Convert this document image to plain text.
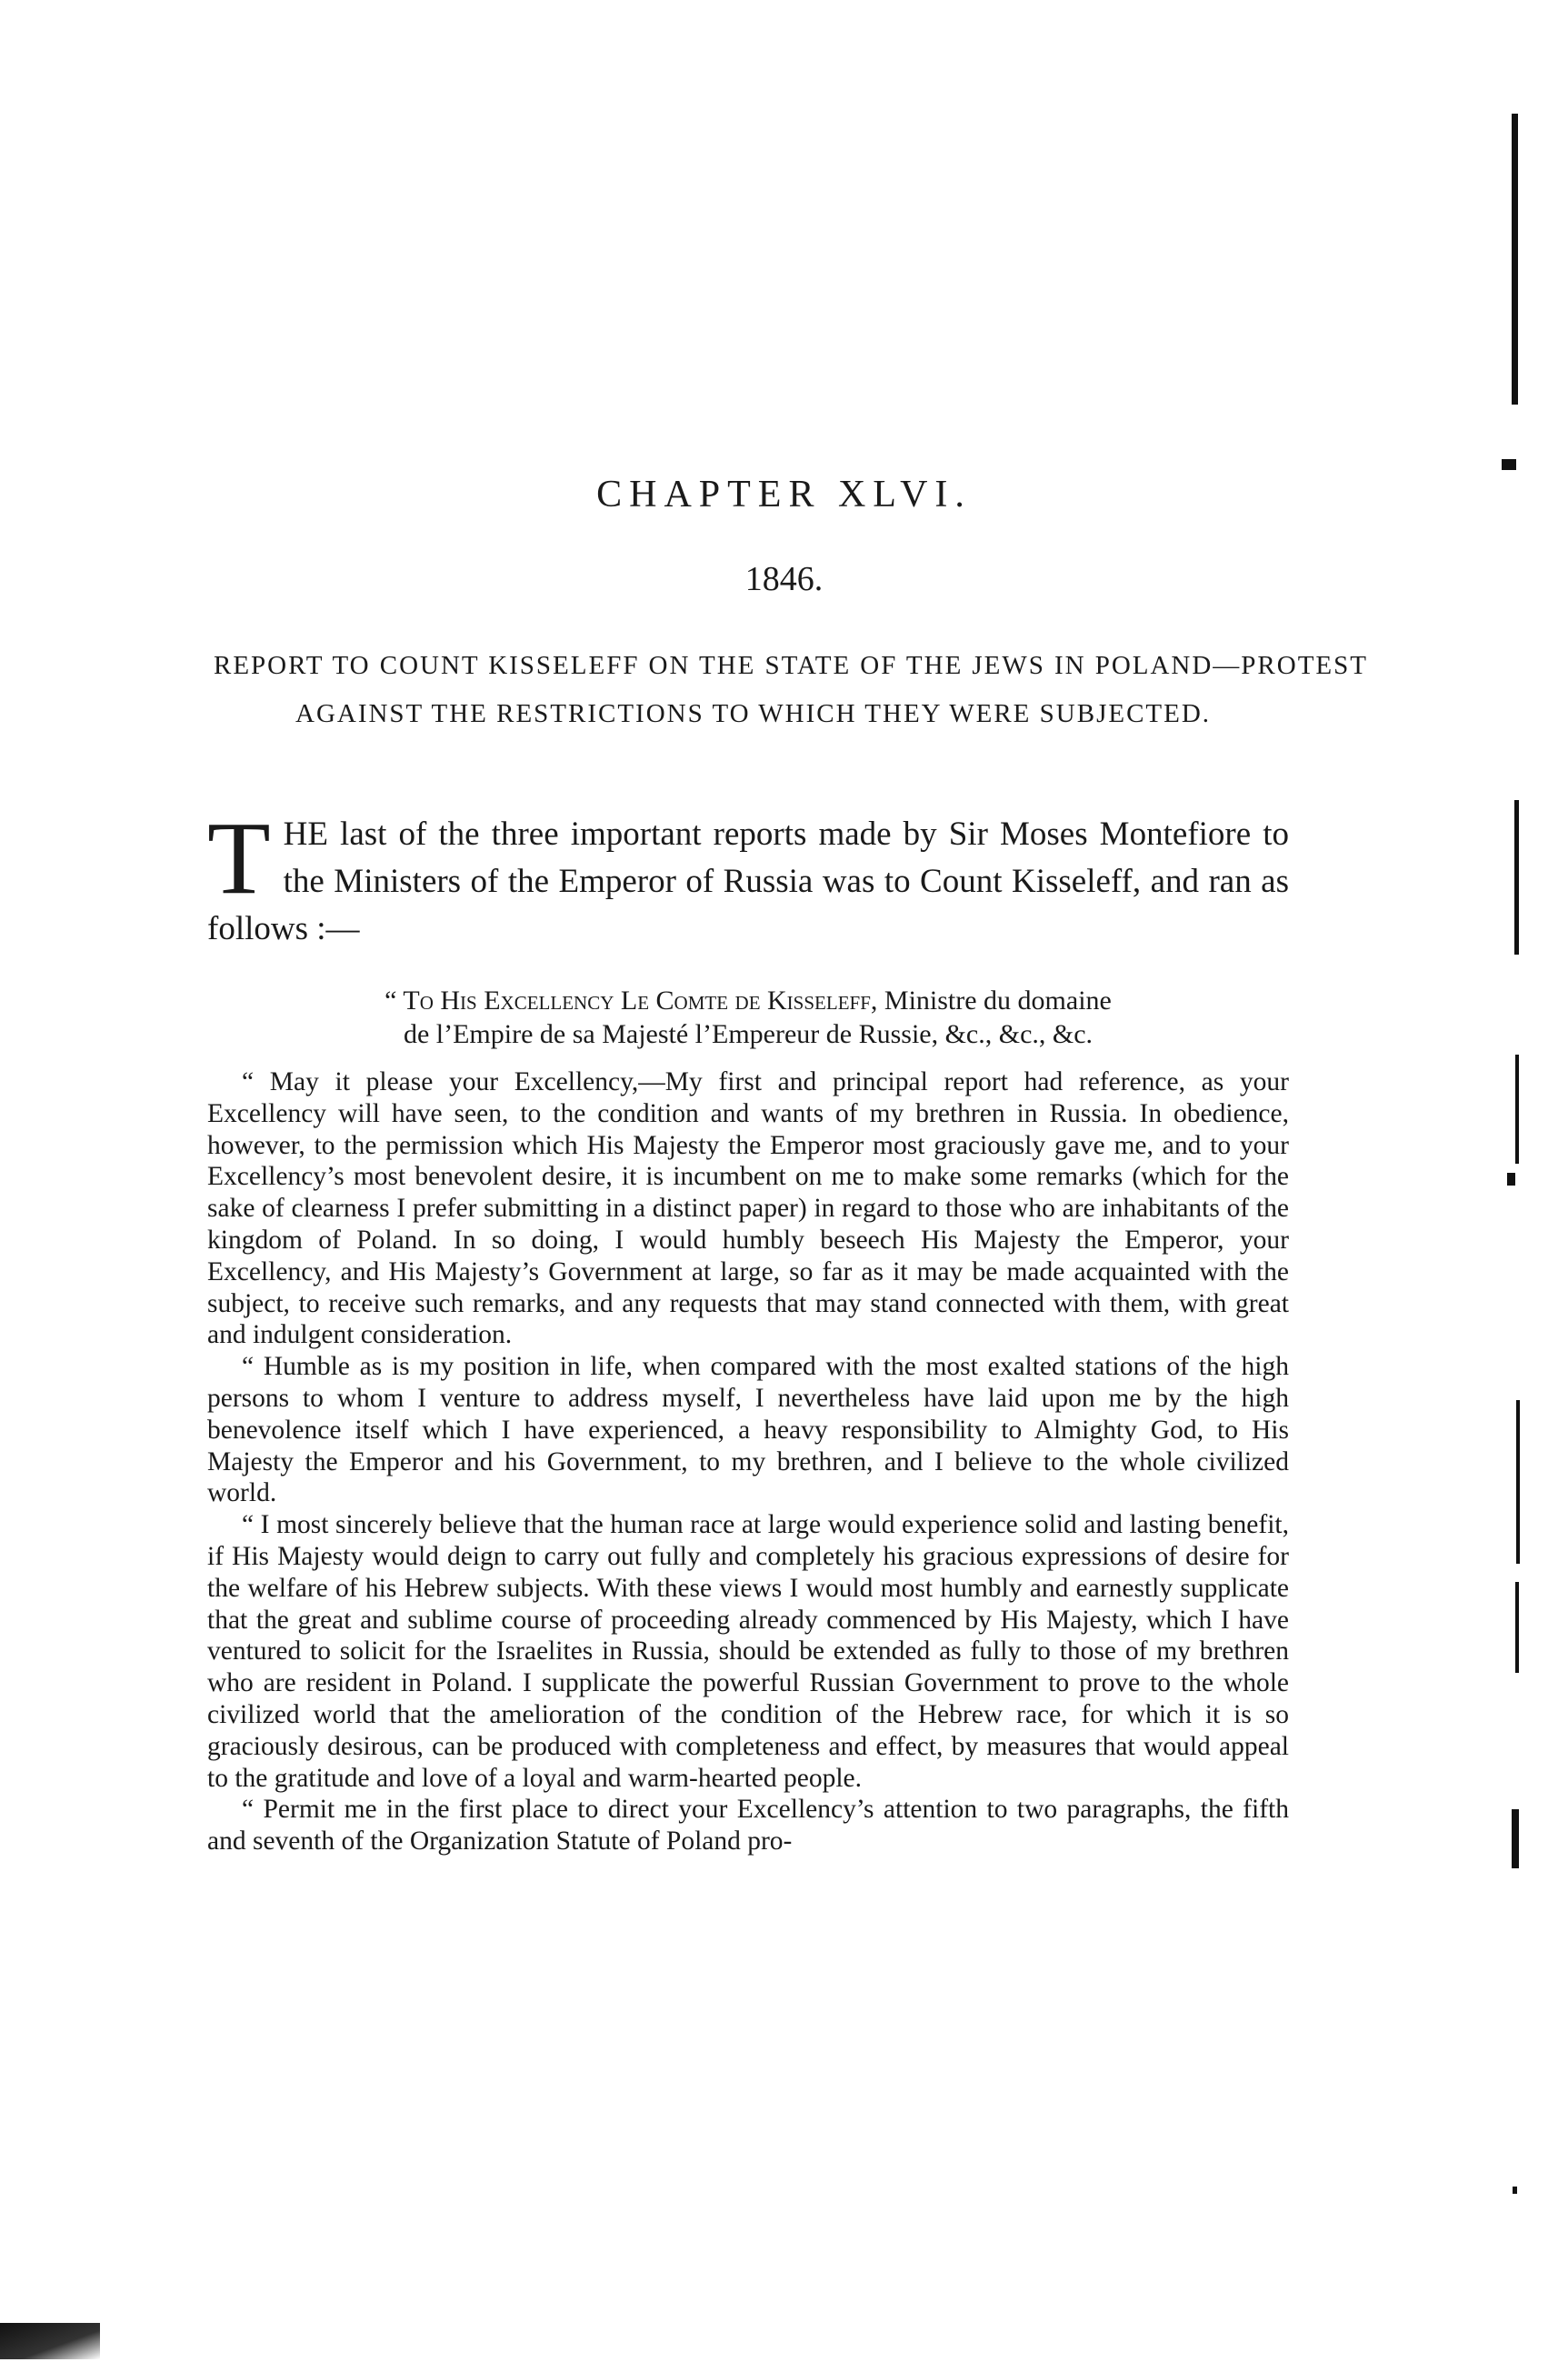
CHAPTER XLVI.
1846.

REPORT TO COUNT KISSELEFF ON THE STATE OF THE JEWS IN POLAND—PROTEST AGAINST THE RESTRICTIONS TO WHICH THEY WERE SUBJECTED.

THE last of the three important reports made by Sir Moses Montefiore to the Ministers of the Emperor of Russia was to Count Kisseleff, and ran as follows :—

“ To His Excellency Le Comte de Kisseleff, Ministre du domaine
de l’Empire de sa Majesté l’Empereur de Russie, &c., &c., &c.

“ May it please your Excellency,—My first and principal report had reference, as your Excellency will have seen, to the condition and wants of my brethren in Russia. In obedience, however, to the permission which His Majesty the Emperor most graciously gave me, and to your Excellency’s most benevolent desire, it is incumbent on me to make some remarks (which for the sake of clearness I prefer submitting in a distinct paper) in regard to those who are inhabitants of the kingdom of Poland. In so doing, I would humbly beseech His Majesty the Emperor, your Excellency, and His Majesty’s Government at large, so far as it may be made acquainted with the subject, to receive such remarks, and any requests that may stand connected with them, with great and indulgent consideration.

“ Humble as is my position in life, when compared with the most exalted stations of the high persons to whom I venture to address myself, I nevertheless have laid upon me by the high benevolence itself which I have experienced, a heavy responsibility to Almighty God, to His Majesty the Emperor and his Government, to my brethren, and I believe to the whole civilized world.

“ I most sincerely believe that the human race at large would experience solid and lasting benefit, if His Majesty would deign to carry out fully and completely his gracious expressions of desire for the welfare of his Hebrew subjects. With these views I would most humbly and earnestly supplicate that the great and sublime course of proceeding already commenced by His Majesty, which I have ventured to solicit for the Israelites in Russia, should be extended as fully to those of my brethren who are resident in Poland. I supplicate the powerful Russian Government to prove to the whole civilized world that the amelioration of the condition of the Hebrew race, for which it is so graciously desirous, can be produced with completeness and effect, by measures that would appeal to the gratitude and love of a loyal and warm-hearted people.

“ Permit me in the first place to direct your Excellency’s attention to two paragraphs, the fifth and seventh of the Organization Statute of Poland pro-
